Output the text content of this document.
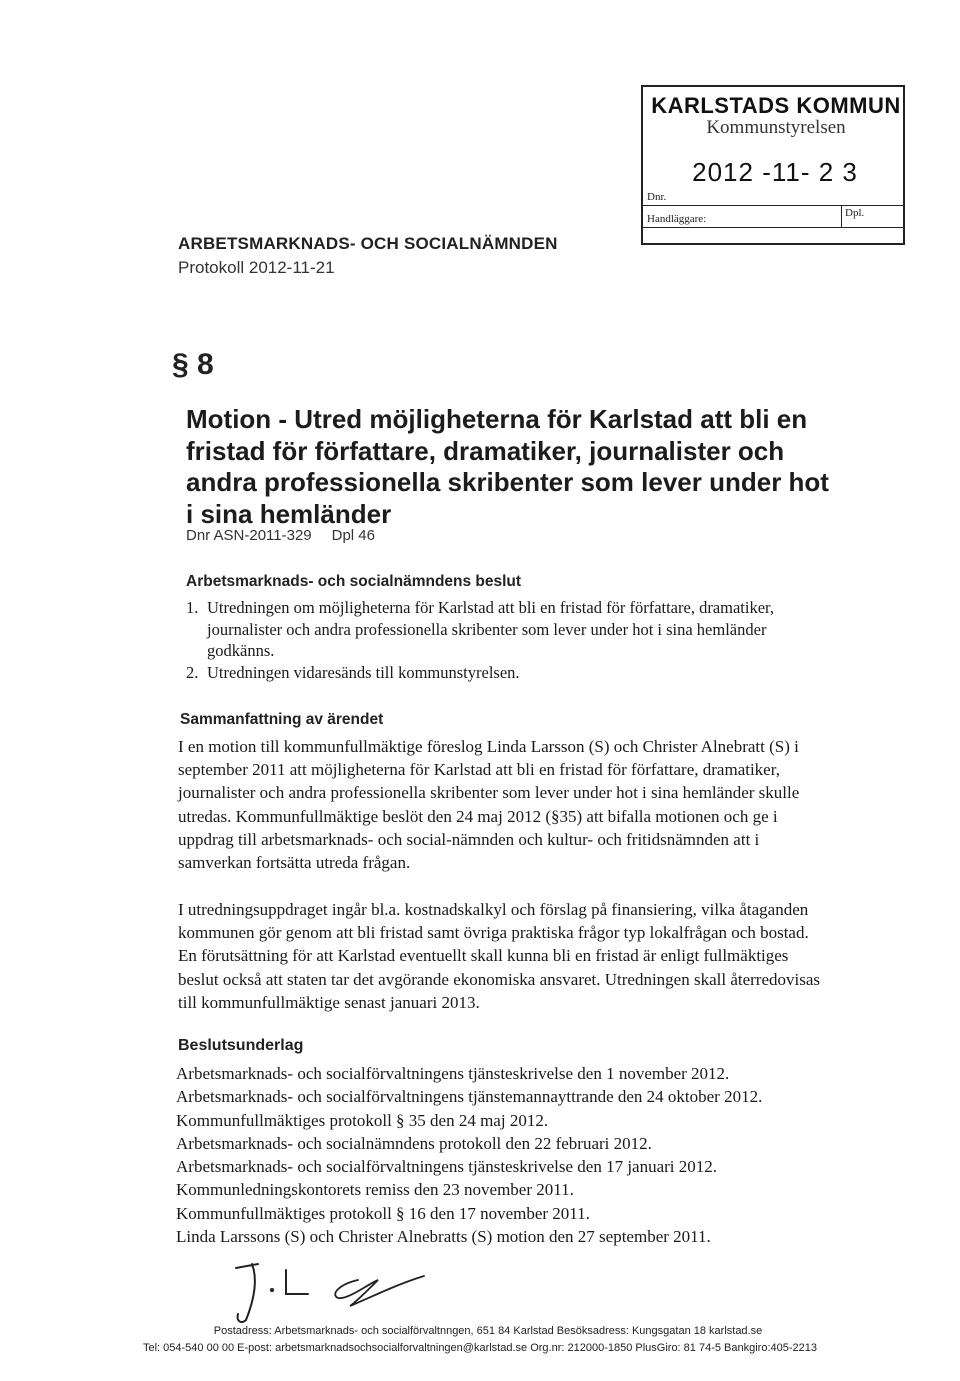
KARLSTADS KOMMUN
Kommunstyrelsen
2012 -11- 2 3
Dnr.
Dpl.
Handläggare:
ARBETSMARKNADS- OCH SOCIALNÄMNDEN
Protokoll 2012-11-21
§ 8
Motion - Utred möjligheterna för Karlstad att bli en fristad för författare, dramatiker, journalister och andra professionella skribenter som lever under hot i sina hemländer
Dnr ASN-2011-329 Dpl 46
Arbetsmarknads- och socialnämndens beslut
1. Utredningen om möjligheterna för Karlstad att bli en fristad för författare, dramatiker, journalister och andra professionella skribenter som lever under hot i sina hemländer godkänns.
2. Utredningen vidaresänds till kommunstyrelsen.
Sammanfattning av ärendet
I en motion till kommunfullmäktige föreslog Linda Larsson (S) och Christer Alnebratt (S) i september 2011 att möjligheterna för Karlstad att bli en fristad för författare, dramatiker, journalister och andra professionella skribenter som lever under hot i sina hemländer skulle utredas. Kommunfullmäktige beslöt den 24 maj 2012 (§35) att bifalla motionen och ge i uppdrag till arbetsmarknads- och social-nämnden och kultur- och fritidsnämnden att i samverkan fortsätta utreda frågan.
I utredningsuppdraget ingår bl.a. kostnadskalkyl och förslag på finansiering, vilka åtaganden kommunen gör genom att bli fristad samt övriga praktiska frågor typ lokalfrågan och bostad. En förutsättning för att Karlstad eventuellt skall kunna bli en fristad är enligt fullmäktiges beslut också att staten tar det avgörande ekonomiska ansvaret. Utredningen skall återredovisas till kommunfullmäktige senast januari 2013.
Beslutsunderlag
Arbetsmarknads- och socialförvaltningens tjänsteskrivelse den 1 november 2012.
Arbetsmarknads- och socialförvaltningens tjänstemannayttrande den 24 oktober 2012.
Kommunfullmäktiges protokoll § 35 den 24 maj 2012.
Arbetsmarknads- och socialnämndens protokoll den 22 februari 2012.
Arbetsmarknads- och socialförvaltningens tjänsteskrivelse den 17 januari 2012.
Kommunledningskontorets remiss den 23 november 2011.
Kommunfullmäktiges protokoll § 16 den 17 november 2011.
Linda Larssons (S) och Christer Alnebratts (S) motion den 27 september 2011.
Postadress: Arbetsmarknads- och socialförvaltnngen, 651 84 Karlstad Besöksadress: Kungsgatan 18 karlstad.se
Tel: 054-540 00 00 E-post: arbetsmarknadsochsocialforvaltningen@karlstad.se Org.nr: 212000-1850 PlusGiro: 81 74-5 Bankgiro:405-2213
